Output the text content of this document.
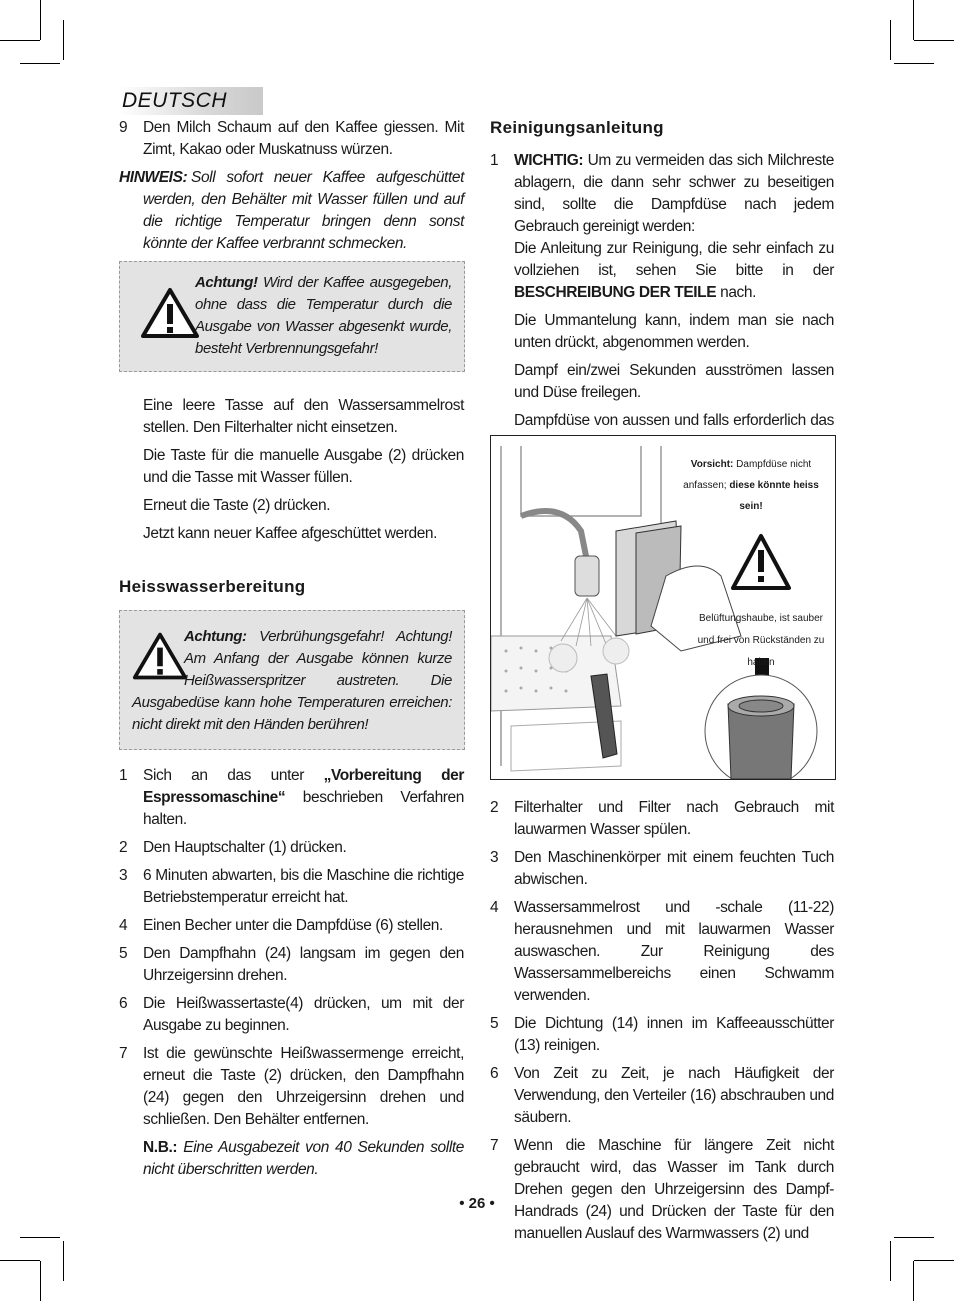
DEUTSCH
9 Den Milch Schaum auf den Kaffee giessen. Mit Zimt, Kakao oder Muskatnuss würzen.
HINWEIS: Soll sofort neuer Kaffee aufgeschüttet werden, den Behälter mit Wasser füllen und auf die richtige Temperatur bringen denn sonst könnte der Kaffee verbrannt schmecken.
Achtung! Wird der Kaffee ausgegeben, ohne dass die Temperatur durch die Ausgabe von Wasser abgesenkt wurde, besteht Verbrennungsgefahr!

Eine leere Tasse auf den Wassersammelrost stellen. Den Filterhalter nicht einsetzen.

Die Taste für die manuelle Ausgabe (2) drücken und die Tasse mit Wasser füllen.

Erneut die Taste (2) drücken.

Jetzt kann neuer Kaffee afgeschüttet werden.

Heisswasserbereitung
Achtung: Verbrühungsgefahr! Achtung! Am Anfang der Ausgabe können kurze Heißwasserspritzer austreten. Die Ausgabedüse kann hohe Temperaturen erreichen: nicht direkt mit den Händen berühren!
1 Sich an das unter „Vorbereitung der Espressomaschine“ beschrieben Verfahren halten.
2 Den Hauptschalter (1) drücken.
3 6 Minuten abwarten, bis die Maschine die richtige Betriebstemperatur erreicht hat.
4 Einen Becher unter die Dampfdüse (6) stellen.
5 Den Dampfhahn (24) langsam im gegen den Uhrzeigersinn drehen.
6 Die Heißwassertaste(4) drücken, um mit der Ausgabe zu beginnen.
7 Ist die gewünschte Heißwassermenge erreicht, erneut die Taste (2) drücken, den Dampfhahn (24) gegen den Uhrzeigersinn drehen und schließen. Den Behälter entfernen.
N.B.: Eine Ausgabezeit von 40 Sekunden sollte nicht überschritten werden.
Reinigungsanleitung
1 WICHTIG: Um zu vermeiden das sich Milchreste ablagern, die dann sehr schwer zu beseitigen sind, sollte die Dampfdüse nach jedem Gebrauch gereinigt werden:
Die Anleitung zur Reinigung, die sehr einfach zu vollziehen ist, sehen Sie bitte in der BESCHREIBUNG DER TEILE nach.

Die Ummantelung kann, indem man sie nach unten drückt, abgenommen werden.

Dampf ein/zwei Sekunden ausströmen lassen und Düse freilegen.

Dampfdüse von aussen und falls erforderlich das

Vorsicht: Dampfdüse nicht anfassen; diese könnte heiss sein!
Belüftungshaube, ist sauber und frei von Rückständen zu halten
2 Filterhalter und Filter nach Gebrauch mit lauwarmen Wasser spülen.
3 Den Maschinenkörper mit einem feuchten Tuch abwischen.
4 Wassersammelrost und -schale (11-22) herausnehmen und mit lauwarmen Wasser auswaschen. Zur Reinigung des Wassersammelbereichs einen Schwamm verwenden.
5 Die Dichtung (14) innen im Kaffeeausschütter (13) reinigen.
6 Von Zeit zu Zeit, je nach Häufigkeit der Verwendung, den Verteiler (16) abschrauben und säubern.
7 Wenn die Maschine für längere Zeit nicht gebraucht wird, das Wasser im Tank durch Drehen gegen den Uhrzeigersinn des Dampf-Handrads (24) und Drücken der Taste für den manuellen Auslauf des Warmwassers (2) und
• 26 •
